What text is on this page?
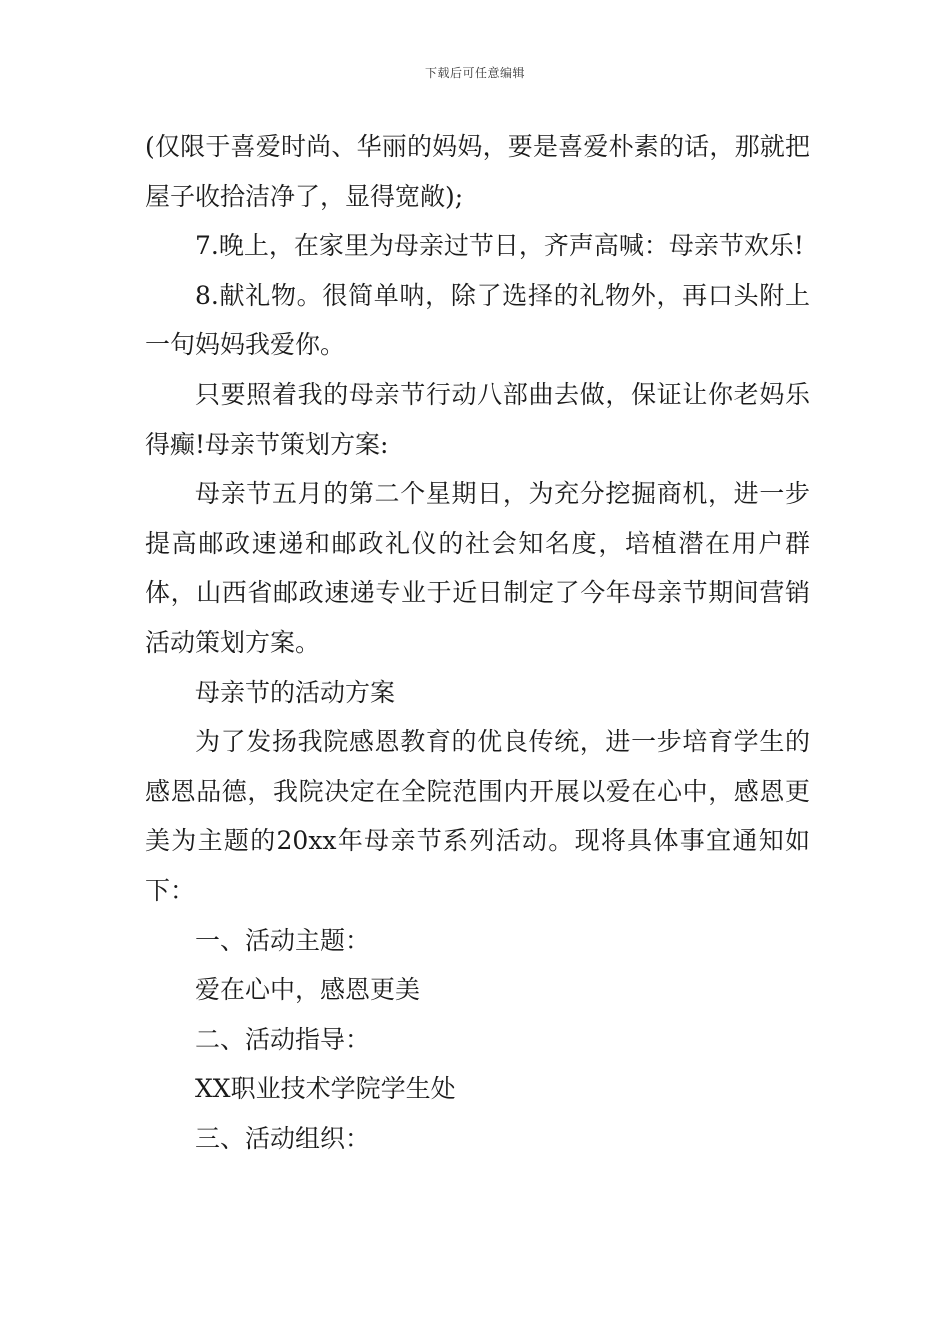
下载后可任意编辑

(仅限于喜爱时尚、华丽的妈妈，要是喜爱朴素的话，那就把屋子收拾洁净了，显得宽敞);

7.晚上，在家里为母亲过节日，齐声高喊：母亲节欢乐!

8.献礼物。很简单呐，除了选择的礼物外，再口头附上一句妈妈我爱你。

只要照着我的母亲节行动八部曲去做，保证让你老妈乐得癫!母亲节策划方案:

母亲节五月的第二个星期日，为充分挖掘商机，进一步提高邮政速递和邮政礼仪的社会知名度，培植潜在用户群体，山西省邮政速递专业于近日制定了今年母亲节期间营销活动策划方案。

母亲节的活动方案

为了发扬我院感恩教育的优良传统，进一步培育学生的感恩品德，我院决定在全院范围内开展以爱在心中，感恩更美为主题的20xx年母亲节系列活动。现将具体事宜通知如下：

一、活动主题：

爱在心中，感恩更美

二、活动指导：

XX职业技术学院学生处

三、活动组织：
